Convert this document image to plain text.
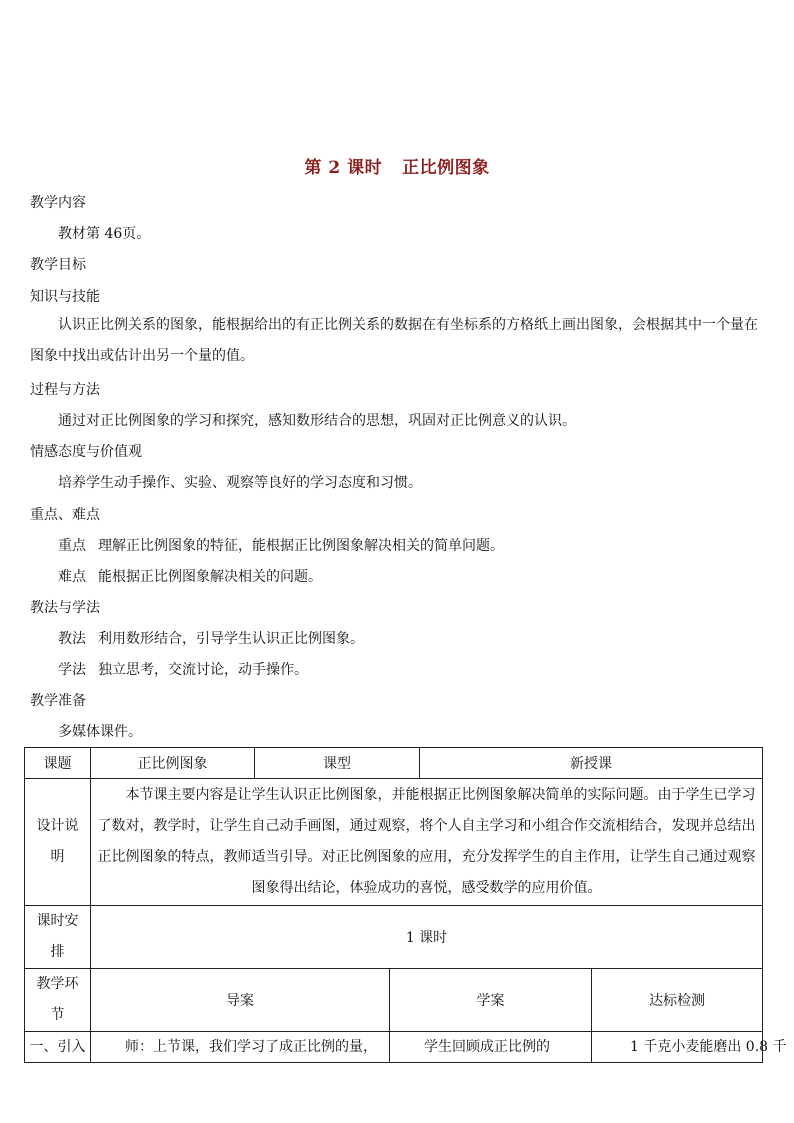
第 2 课时 正比例图象
教学内容
教材第 46页。
教学目标
知识与技能
认识正比例关系的图象，能根据给出的有正比例关系的数据在有坐标系的方格纸上画出图象，会根据其中一个量在图象中找出或估计出另一个量的值。
过程与方法
通过对正比例图象的学习和探究，感知数形结合的思想，巩固对正比例意义的认识。
情感态度与价值观
培养学生动手操作、实验、观察等良好的学习态度和习惯。
重点、难点
重点 理解正比例图象的特征，能根据正比例图象解决相关的简单问题。
难点 能根据正比例图象解决相关的问题。
教法与学法
教法 利用数形结合，引导学生认识正比例图象。
学法 独立思考，交流讨论，动手操作。
教学准备
多媒体课件。
课题	正比例图象	课型		新授课	

设计说明	本节课主要内容是让学生认识正比例图象，并能根据正比例图象解决简单的实际问题。由于学生已学习了数对，教学时，让学生自己动手画图，通过观察，将个人自主学习和小组合作交流相结合，发现并总结出正比例图象的特点，教师适当引导。对正比例图象的应用，充分发挥学生的自主作用，让学生自己通过观察图象得出结论，体验成功的喜悦，感受数学的应用价值。				

课时安排	1 课时				

教学环节	导案		学案		达标检测
一、引入	师：上节课，我们学习了成正比例的量，		学生回顾成正比例的		1 千克小麦能磨出 0.8 千
